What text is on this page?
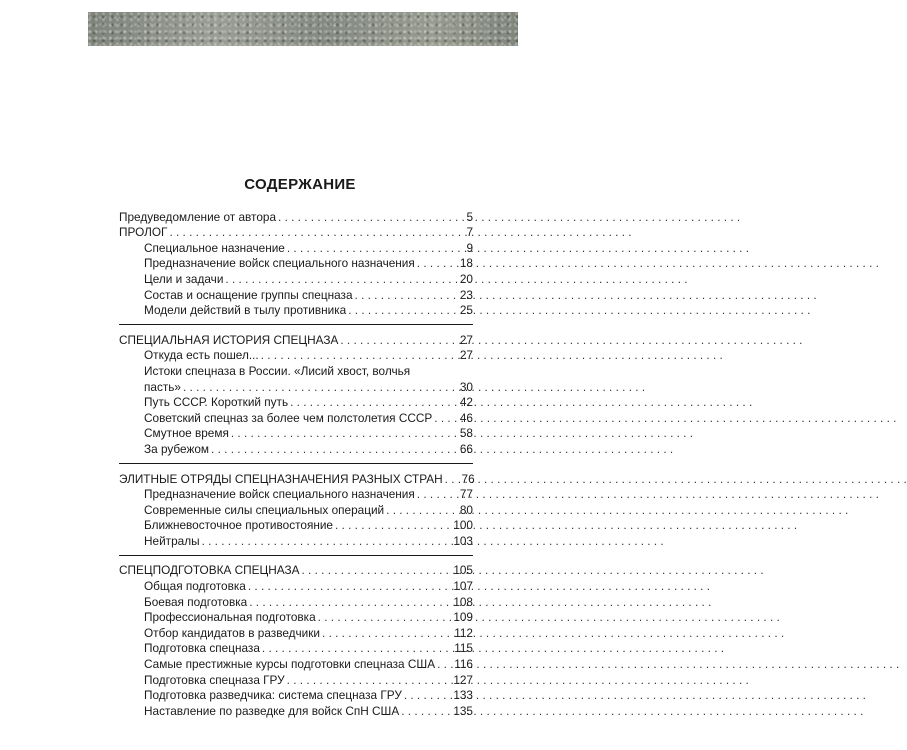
СОДЕРЖАНИЕ
Предуведомление от автора . . .	5
ПРОЛОГ . . .	7
Специальное назначение . . .	9
Предназначение войск специального назначения . . .	18
Цели и задачи . . .	20
Состав и оснащение группы спецназа . . .	23
Модели действий в тылу противника . . .	25
СПЕЦИАЛЬНАЯ ИСТОРИЯ СПЕЦНАЗА . . .	27
Откуда есть пошел... . . .	27
Истоки спецназа в России. «Лисий хвост, волчья
пасть» . . .	30
Путь СССР. Короткий путь . . .	42
Советский спецназ за более чем полстолетия СССР . . .	46
Смутное время . . .	58
За рубежом . . .	66
ЭЛИТНЫЕ ОТРЯДЫ СПЕЦНАЗНАЧЕНИЯ РАЗНЫХ СТРАН . . .	76
Предназначение войск специального назначения . . .	77
Современные силы специальных операций . . .	80
Ближневосточное противостояние . . .	100
Нейтралы . . .	103
СПЕЦПОДГОТОВКА СПЕЦНАЗА . . .	105
Общая подготовка . . .	107
Боевая подготовка . . .	108
Профессиональная подготовка . . .	109
Отбор кандидатов в разведчики . . .	112
Подготовка спецназа . . .	115
Самые престижные курсы подготовки спецназа США . . . 116
Подготовка спецназа ГРУ . . .	127
Подготовка разведчика: система спецназа ГРУ . . .	133
Наставление по разведке для войск СпН США . . .	135
